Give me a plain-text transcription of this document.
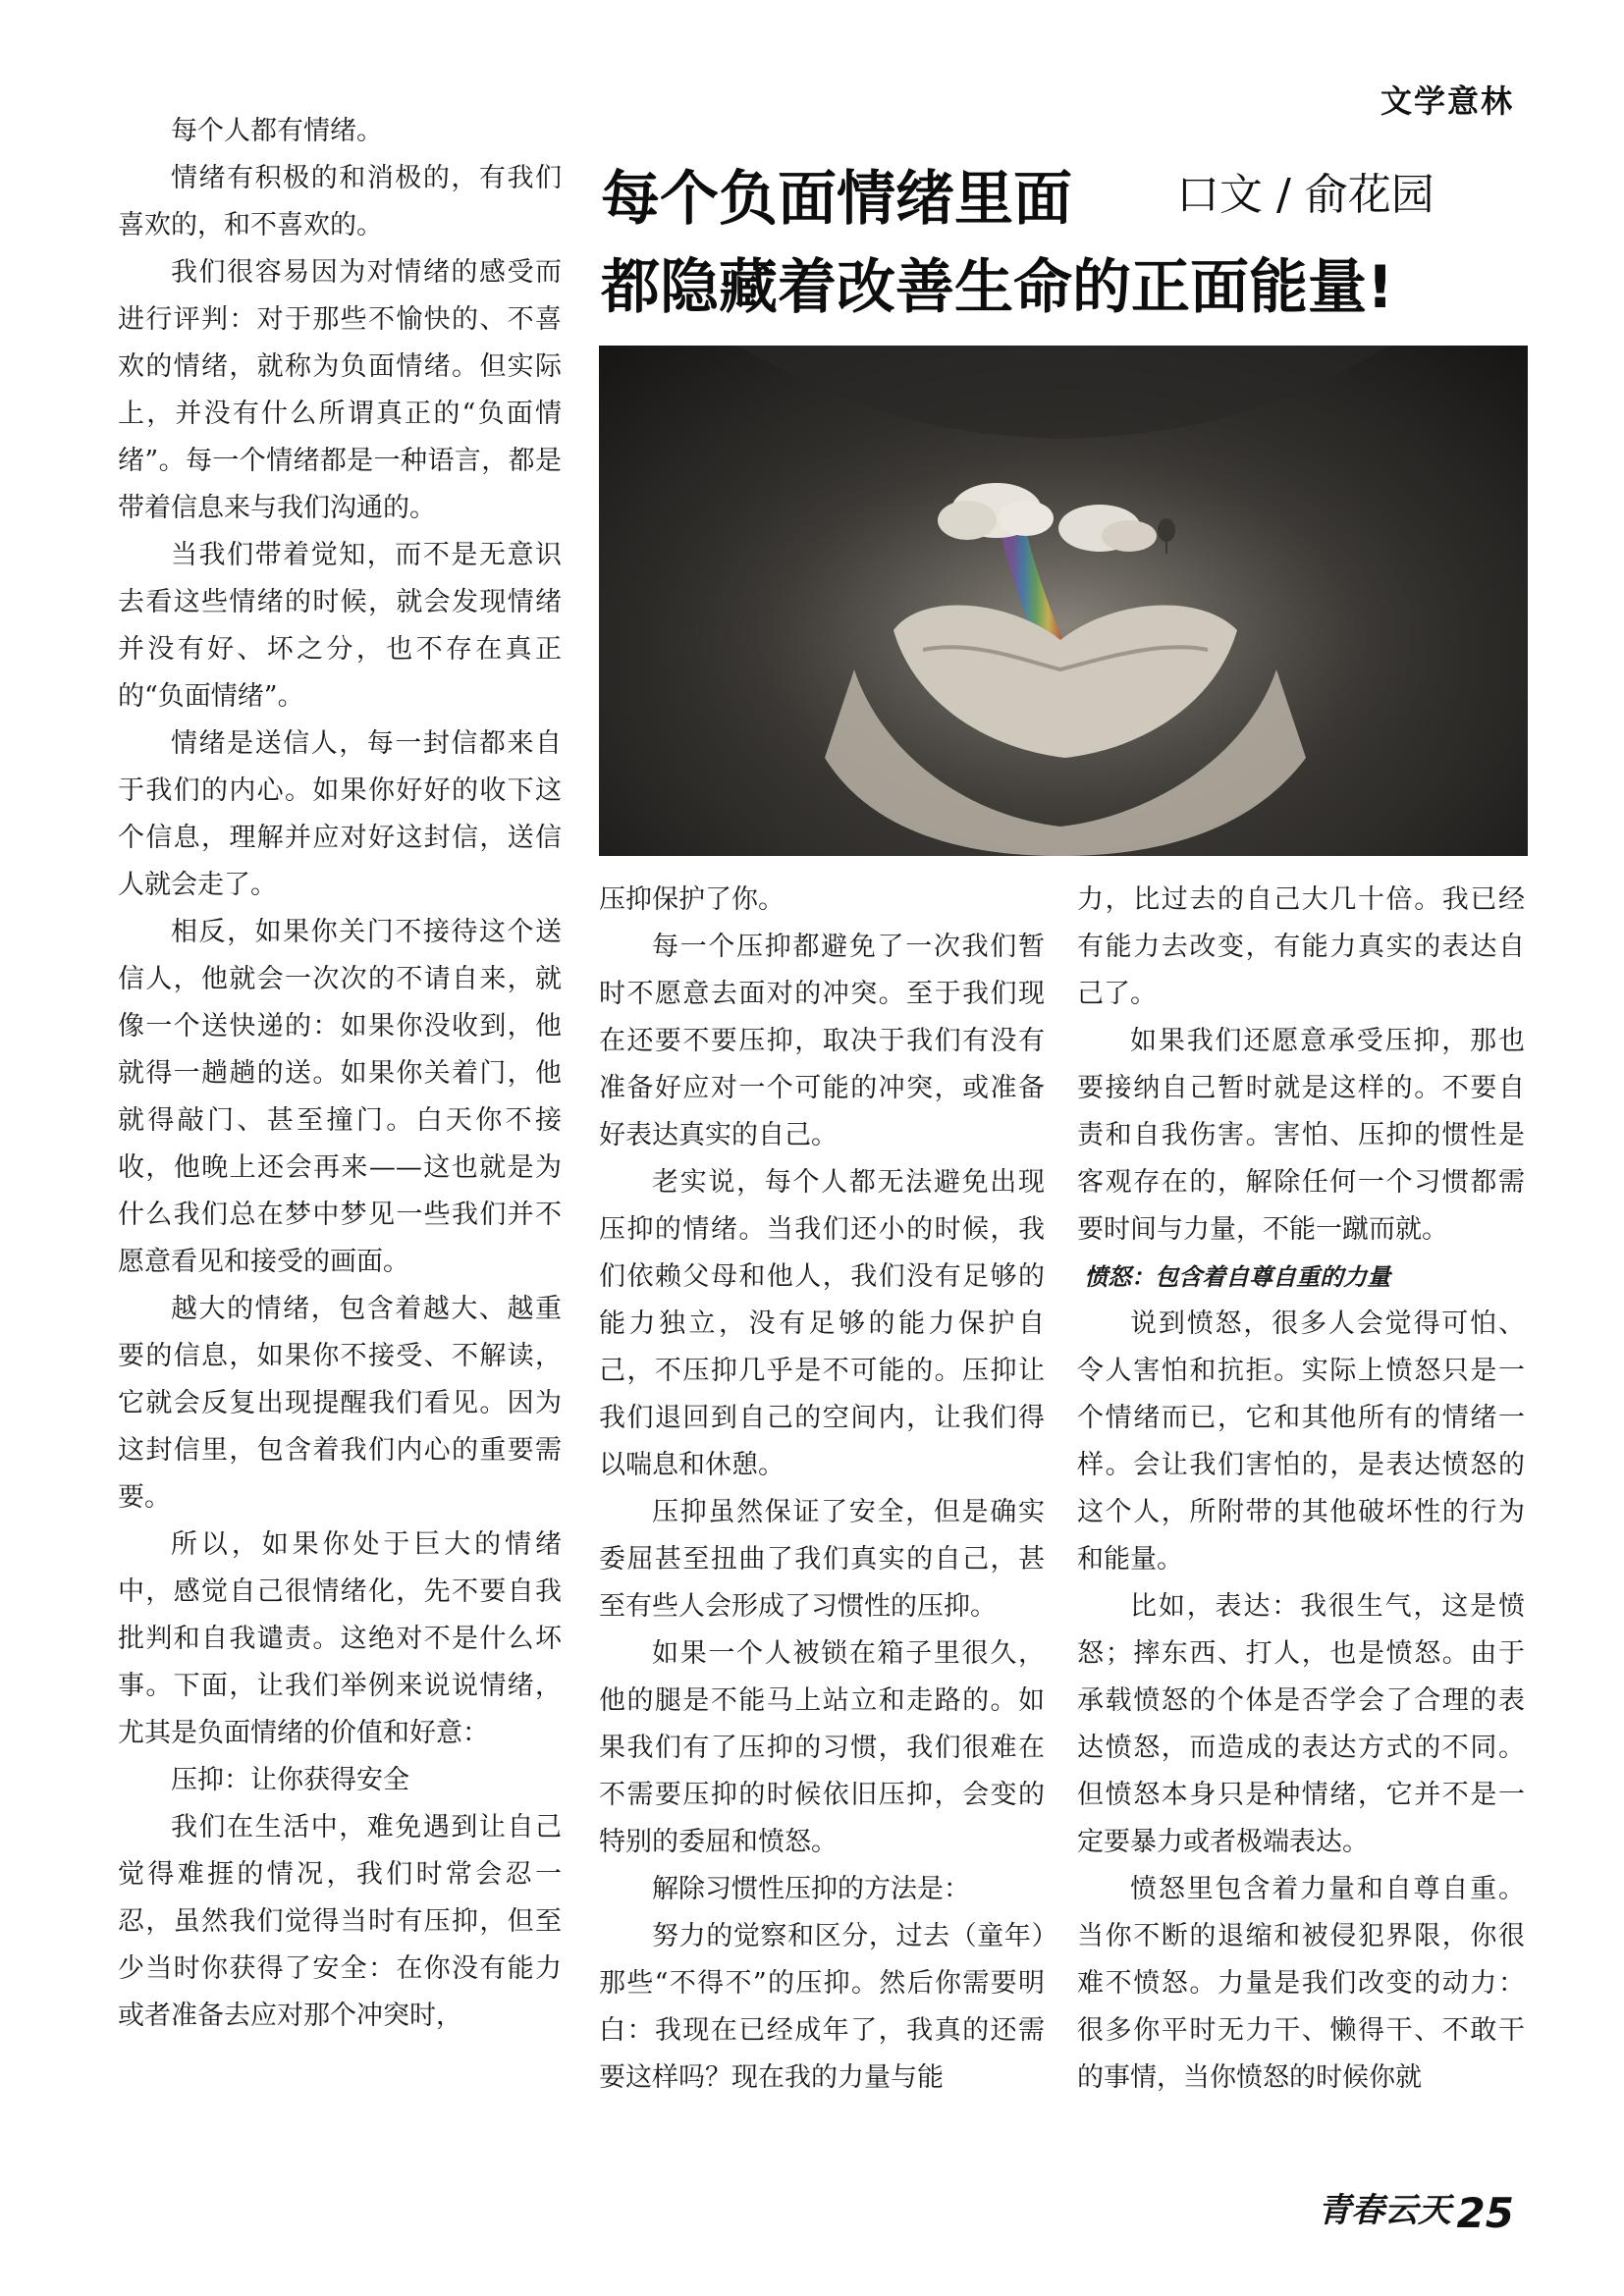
文学意林
每个负面情绪里面
都隐藏着改善生命的正面能量!
口文 / 俞花园

每个人都有情绪。

情绪有积极的和消极的，有我们喜欢的，和不喜欢的。

我们很容易因为对情绪的感受而进行评判：对于那些不愉快的、不喜欢的情绪，就称为负面情绪。但实际上，并没有什么所谓真正的“负面情绪”。每一个情绪都是一种语言，都是带着信息来与我们沟通的。

当我们带着觉知，而不是无意识去看这些情绪的时候，就会发现情绪并没有好、坏之分，也不存在真正的“负面情绪”。

情绪是送信人，每一封信都来自于我们的内心。如果你好好的收下这个信息，理解并应对好这封信，送信人就会走了。

相反，如果你关门不接待这个送信人，他就会一次次的不请自来，就像一个送快递的：如果你没收到，他就得一趟趟的送。如果你关着门，他就得敲门、甚至撞门。白天你不接收，他晚上还会再来——这也就是为什么我们总在梦中梦见一些我们并不愿意看见和接受的画面。

越大的情绪，包含着越大、越重要的信息，如果你不接受、不解读，它就会反复出现提醒我们看见。因为这封信里，包含着我们内心的重要需要。

所以，如果你处于巨大的情绪中，感觉自己很情绪化，先不要自我批判和自我谴责。这绝对不是什么坏事。下面，让我们举例来说说情绪，尤其是负面情绪的价值和好意：

压抑：让你获得安全

我们在生活中，难免遇到让自己觉得难捱的情况，我们时常会忍一忍，虽然我们觉得当时有压抑，但至少当时你获得了安全：在你没有能力或者准备去应对那个冲突时，

压抑保护了你。

每一个压抑都避免了一次我们暂时不愿意去面对的冲突。至于我们现在还要不要压抑，取决于我们有没有准备好应对一个可能的冲突，或准备好表达真实的自己。

老实说，每个人都无法避免出现压抑的情绪。当我们还小的时候，我们依赖父母和他人，我们没有足够的能力独立，没有足够的能力保护自己，不压抑几乎是不可能的。压抑让我们退回到自己的空间内，让我们得以喘息和休憩。

压抑虽然保证了安全，但是确实委屈甚至扭曲了我们真实的自己，甚至有些人会形成了习惯性的压抑。

如果一个人被锁在箱子里很久，他的腿是不能马上站立和走路的。如果我们有了压抑的习惯，我们很难在不需要压抑的时候依旧压抑，会变的特别的委屈和愤怒。

解除习惯性压抑的方法是：

努力的觉察和区分，过去（童年）那些“不得不”的压抑。然后你需要明白：我现在已经成年了，我真的还需要这样吗？现在我的力量与能

力，比过去的自己大几十倍。我已经有能力去改变，有能力真实的表达自己了。

如果我们还愿意承受压抑，那也要接纳自己暂时就是这样的。不要自责和自我伤害。害怕、压抑的惯性是客观存在的，解除任何一个习惯都需要时间与力量，不能一蹴而就。

愤怒：包含着自尊自重的力量

说到愤怒，很多人会觉得可怕、令人害怕和抗拒。实际上愤怒只是一个情绪而已，它和其他所有的情绪一样。会让我们害怕的，是表达愤怒的这个人，所附带的其他破坏性的行为和能量。

比如，表达：我很生气，这是愤怒；摔东西、打人，也是愤怒。由于承载愤怒的个体是否学会了合理的表达愤怒，而造成的表达方式的不同。但愤怒本身只是种情绪，它并不是一定要暴力或者极端表达。

愤怒里包含着力量和自尊自重。当你不断的退缩和被侵犯界限，你很难不愤怒。力量是我们改变的动力：很多你平时无力干、懒得干、不敢干的事情，当你愤怒的时候你就

青春云天 25
